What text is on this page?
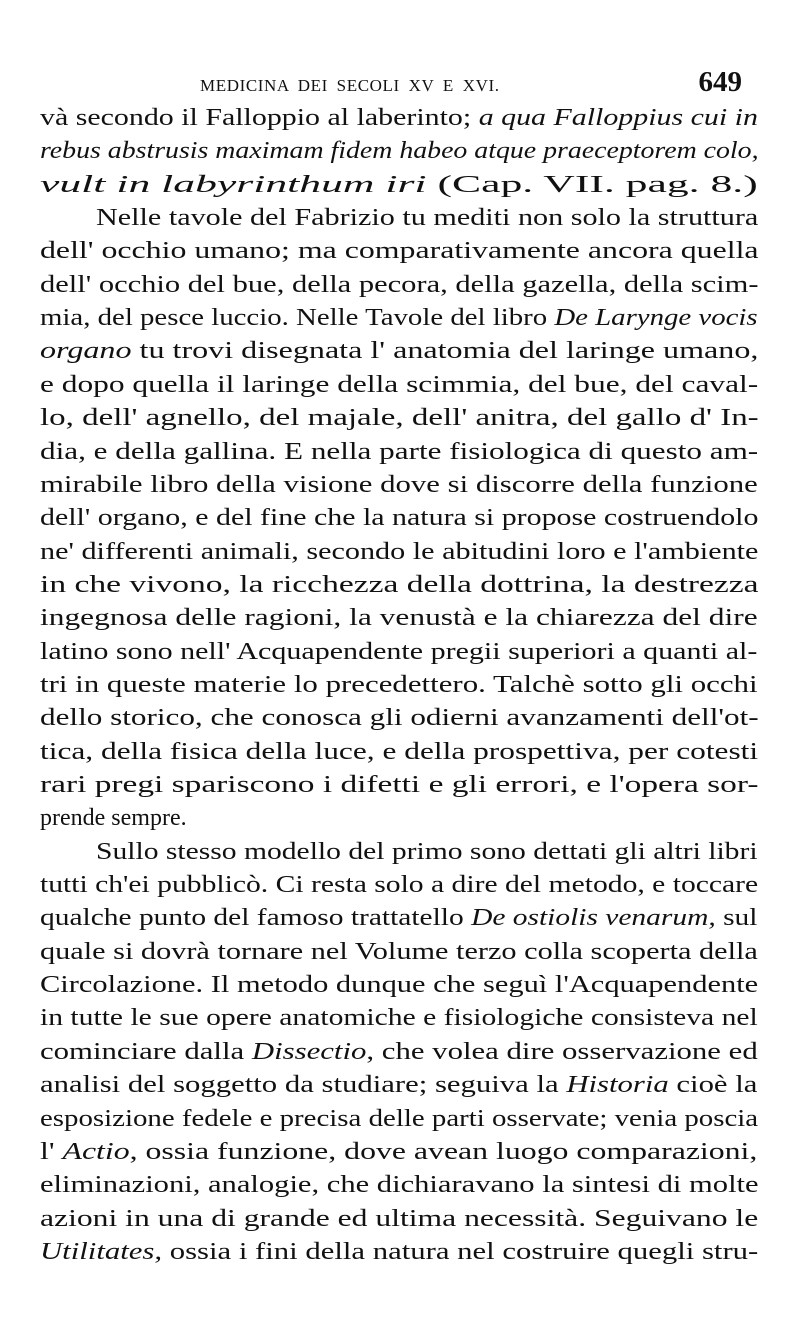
MEDICINA DEI SECOLI XV E XVI.	649
và secondo il Falloppio al laberinto; a qua Falloppius cui in
rebus abstrusis maximam fidem habeo atque praeceptorem colo,
vult in labyrinthum iri (Cap. VII. pag. 8.)
Nelle tavole del Fabrizio tu mediti non solo la struttura
dell' occhio umano; ma comparativamente ancora quella
dell' occhio del bue, della pecora, della gazella, della scim-
mia, del pesce luccio. Nelle Tavole del libro De Larynge vocis
organo tu trovi disegnata l' anatomia del laringe umano,
e dopo quella il laringe della scimmia, del bue, del caval-
lo, dell' agnello, del majale, dell' anitra, del gallo d' In-
dia, e della gallina. E nella parte fisiologica di questo am-
mirabile libro della visione dove si discorre della funzione
dell' organo, e del fine che la natura si propose costruendolo
ne' differenti animali, secondo le abitudini loro e l'ambiente
in che vivono, la ricchezza della dottrina, la destrezza
ingegnosa delle ragioni, la venustà e la chiarezza del dire
latino sono nell' Acquapendente pregii superiori a quanti al-
tri in queste materie lo precedettero. Talchè sotto gli occhi
dello storico, che conosca gli odierni avanzamenti dell'ot-
tica, della fisica della luce, e della prospettiva, per cotesti
rari pregi spariscono i difetti e gli errori, e l'opera sor-
prende sempre.
Sullo stesso modello del primo sono dettati gli altri libri
tutti ch'ei pubblicò. Ci resta solo a dire del metodo, e toccare
qualche punto del famoso trattatello De ostiolis venarum, sul
quale si dovrà tornare nel Volume terzo colla scoperta della
Circolazione. Il metodo dunque che seguì l'Acquapendente
in tutte le sue opere anatomiche e fisiologiche consisteva nel
cominciare dalla Dissectio, che volea dire osservazione ed
analisi del soggetto da studiare; seguiva la Historia cioè la
esposizione fedele e precisa delle parti osservate; venia poscia
l' Actio, ossia funzione, dove avean luogo comparazioni,
eliminazioni, analogie, che dichiaravano la sintesi di molte
azioni in una di grande ed ultima necessità. Seguivano le
Utilitates, ossia i fini della natura nel costruire quegli stru-
